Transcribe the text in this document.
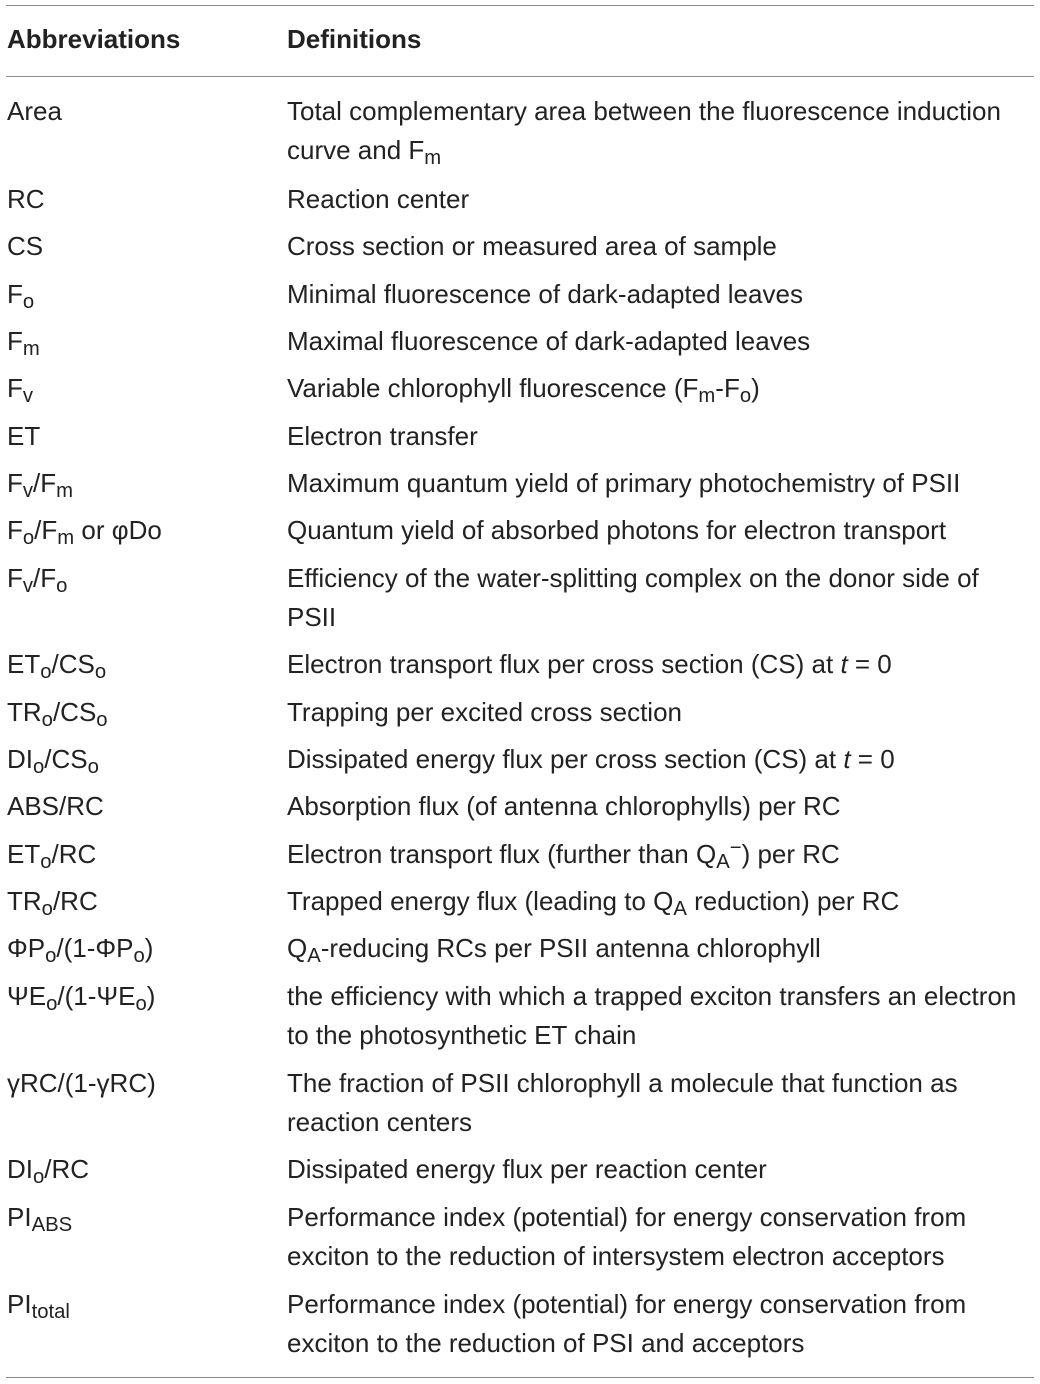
Abbreviations	Definitions
Area	Total complementary area between the fluorescence induction curve and $F_m$
RC	Reaction center
CS	Cross section or measured area of sample
$F_o$	Minimal fluorescence of dark-adapted leaves
$F_m$	Maximal fluorescence of dark-adapted leaves
$F_v$	Variable chlorophyll fluorescence $(F_m-F_o)$
ET	Electron transfer
$F_v/F_m$	Maximum quantum yield of primary photochemistry of PSII
$F_o/F_m$ or φDo	Quantum yield of absorbed photons for electron transport
$F_v/F_o$	Efficiency of the water-splitting complex on the donor side of PSII
$ET_o/CS_o$	Electron transport flux per cross section (CS) at t = 0
$TR_o/CS_o$	Trapping per excited cross section
$DI_o/CS_o$	Dissipated energy flux per cross section (CS) at t = 0
ABS/RC	Absorption flux (of antenna chlorophylls) per RC
$ET_o/RC$	Electron transport flux (further than $Q_A^-$) per RC
$TR_o/RC$	Trapped energy flux (leading to $Q_A$ reduction) per RC
$\Phi P_o/(1-\Phi P_o)$	$Q_A$-reducing RCs per PSII antenna chlorophyll
$\Psi E_o/(1-\Psi E_o)$	the efficiency with which a trapped exciton transfers an electron to the photosynthetic ET chain
γRC/(1-γRC)	The fraction of PSII chlorophyll a molecule that function as reaction centers
$DI_o/RC$	Dissipated energy flux per reaction center
$PI_{ABS}$	Performance index (potential) for energy conservation from exciton to the reduction of intersystem electron acceptors
$PI_{total}$	Performance index (potential) for energy conservation from exciton to the reduction of PSI and acceptors
